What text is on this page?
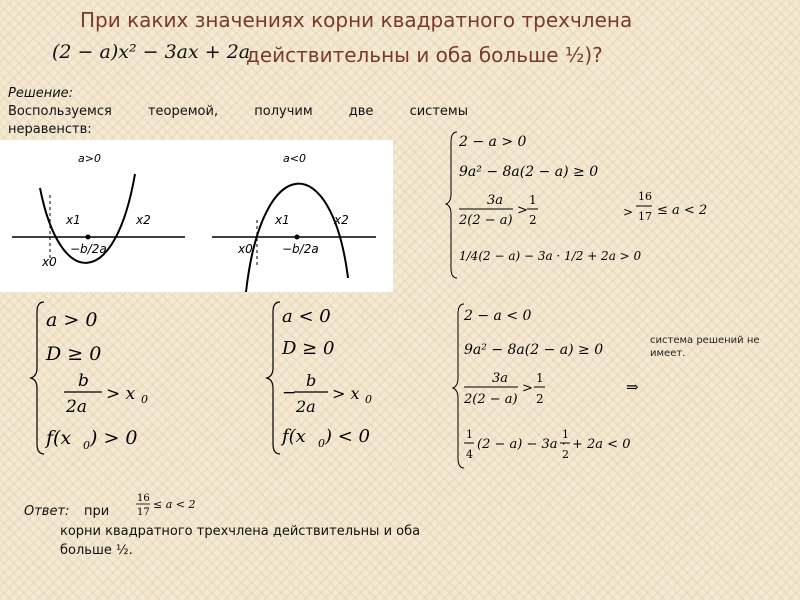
При каких значениях корни квадратного трехчлена
(2 − a)x² − 3ax + 2a
действительны и оба больше ½)?
Решение:
Воспользуемся	теоремой,	получим	две	системы
неравенств:
a>0
x1	x2
−b/2a
x0
a<0
x1	x2
−b/2a
x0
2 − a > 0
9a² − 8a(2 − a) ≥ 0
3a
2(2 − a)
>
1
2
1/4(2 − a) − 3a · 1/2 + 2a > 0
>
16
17 ≤ a < 2
a > 0
D ≥ 0
b
2a
> x 0
f(x 0 ) > 0
a < 0
D ≥ 0
−
b
2a
> x 0
f(x 0 ) < 0
2 − a < 0
9a² − 8a(2 − a) ≥ 0
3a
2(2 − a)
>
1
2
1
4
(2 − a) − 3a ·
1
2
+ 2a < 0
⇒
система решений не имеет.
Ответ: при
16
17
≤ a < 2
корни квадратного трехчлена действительны и оба
больше ½.
